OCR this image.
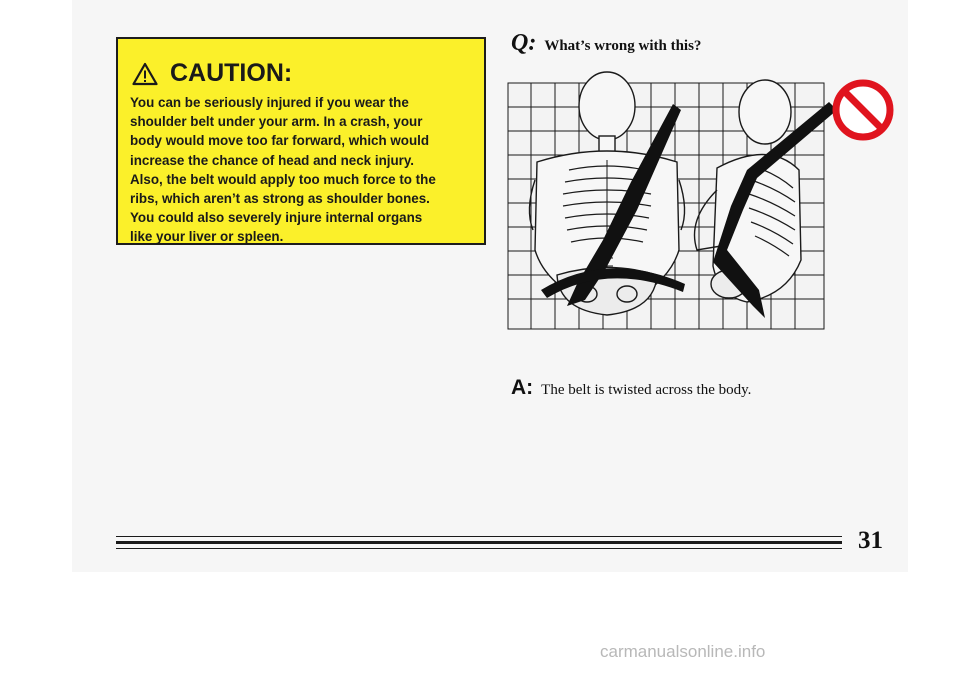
CAUTION:
You can be seriously injured if you wear the
shoulder belt under your arm. In a crash, your
body would move too far forward, which would
increase the chance of head and neck injury.
Also, the belt would apply too much force to the
ribs, which aren’t as strong as shoulder bones.
You could also severely injure internal organs
like your liver or spleen.
Q: What’s wrong with this?
A: The belt is twisted across the body.
31
carmanualsonline.info
